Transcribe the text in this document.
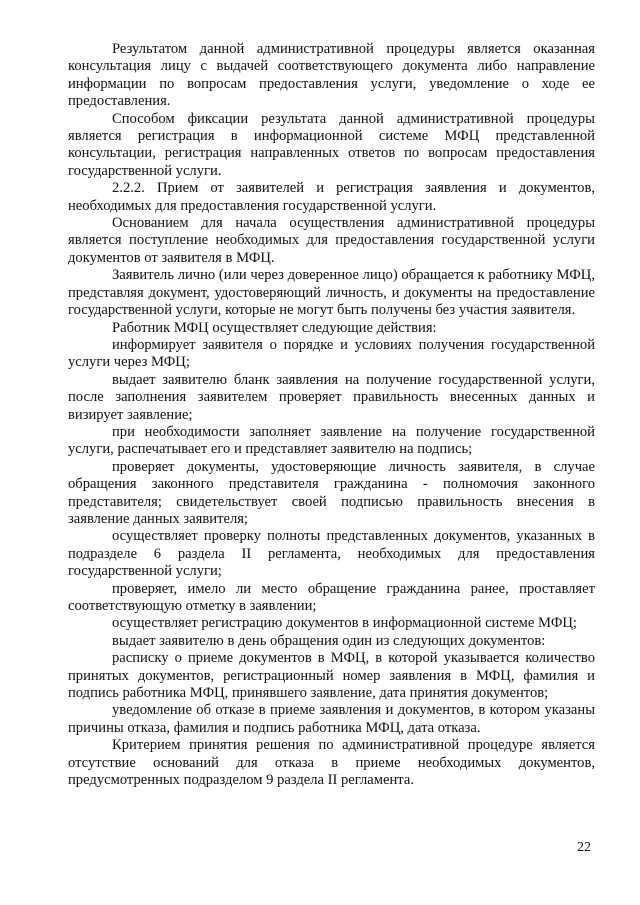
Результатом данной административной процедуры является оказанная консультация лицу с выдачей соответствующего документа либо направление информации по вопросам предоставления услуги, уведомление о ходе ее предоставления.

Способом фиксации результата данной административной процедуры является регистрация в информационной системе МФЦ представленной консультации, регистрация направленных ответов по вопросам предоставления государственной услуги.

2.2.2. Прием от заявителей и регистрация заявления и документов, необходимых для предоставления государственной услуги.

Основанием для начала осуществления административной процедуры является поступление необходимых для предоставления государственной услуги документов от заявителя в МФЦ.

Заявитель лично (или через доверенное лицо) обращается к работнику МФЦ, представляя документ, удостоверяющий личность, и документы на предоставление государственной услуги, которые не могут быть получены без участия заявителя.

Работник МФЦ осуществляет следующие действия:

информирует заявителя о порядке и условиях получения государственной услуги через МФЦ;

выдает заявителю бланк заявления на получение государственной услуги, после заполнения заявителем проверяет правильность внесенных данных и визирует заявление;

при необходимости заполняет заявление на получение государственной услуги, распечатывает его и представляет заявителю на подпись;

проверяет документы, удостоверяющие личность заявителя, в случае обращения законного представителя гражданина - полномочия законного представителя; свидетельствует своей подписью правильность внесения в заявление данных заявителя;

осуществляет проверку полноты представленных документов, указанных в подразделе 6 раздела II регламента, необходимых для предоставления государственной услуги;

проверяет, имело ли место обращение гражданина ранее, проставляет соответствующую отметку в заявлении;

осуществляет регистрацию документов в информационной системе МФЦ;

выдает заявителю в день обращения один из следующих документов:

расписку о приеме документов в МФЦ, в которой указывается количество принятых документов, регистрационный номер заявления в МФЦ, фамилия и подпись работника МФЦ, принявшего заявление, дата принятия документов;

уведомление об отказе в приеме заявления и документов, в котором указаны причины отказа, фамилия и подпись работника МФЦ, дата отказа.

Критерием принятия решения по административной процедуре является отсутствие оснований для отказа в приеме необходимых документов, предусмотренных подразделом 9 раздела II регламента.

22
